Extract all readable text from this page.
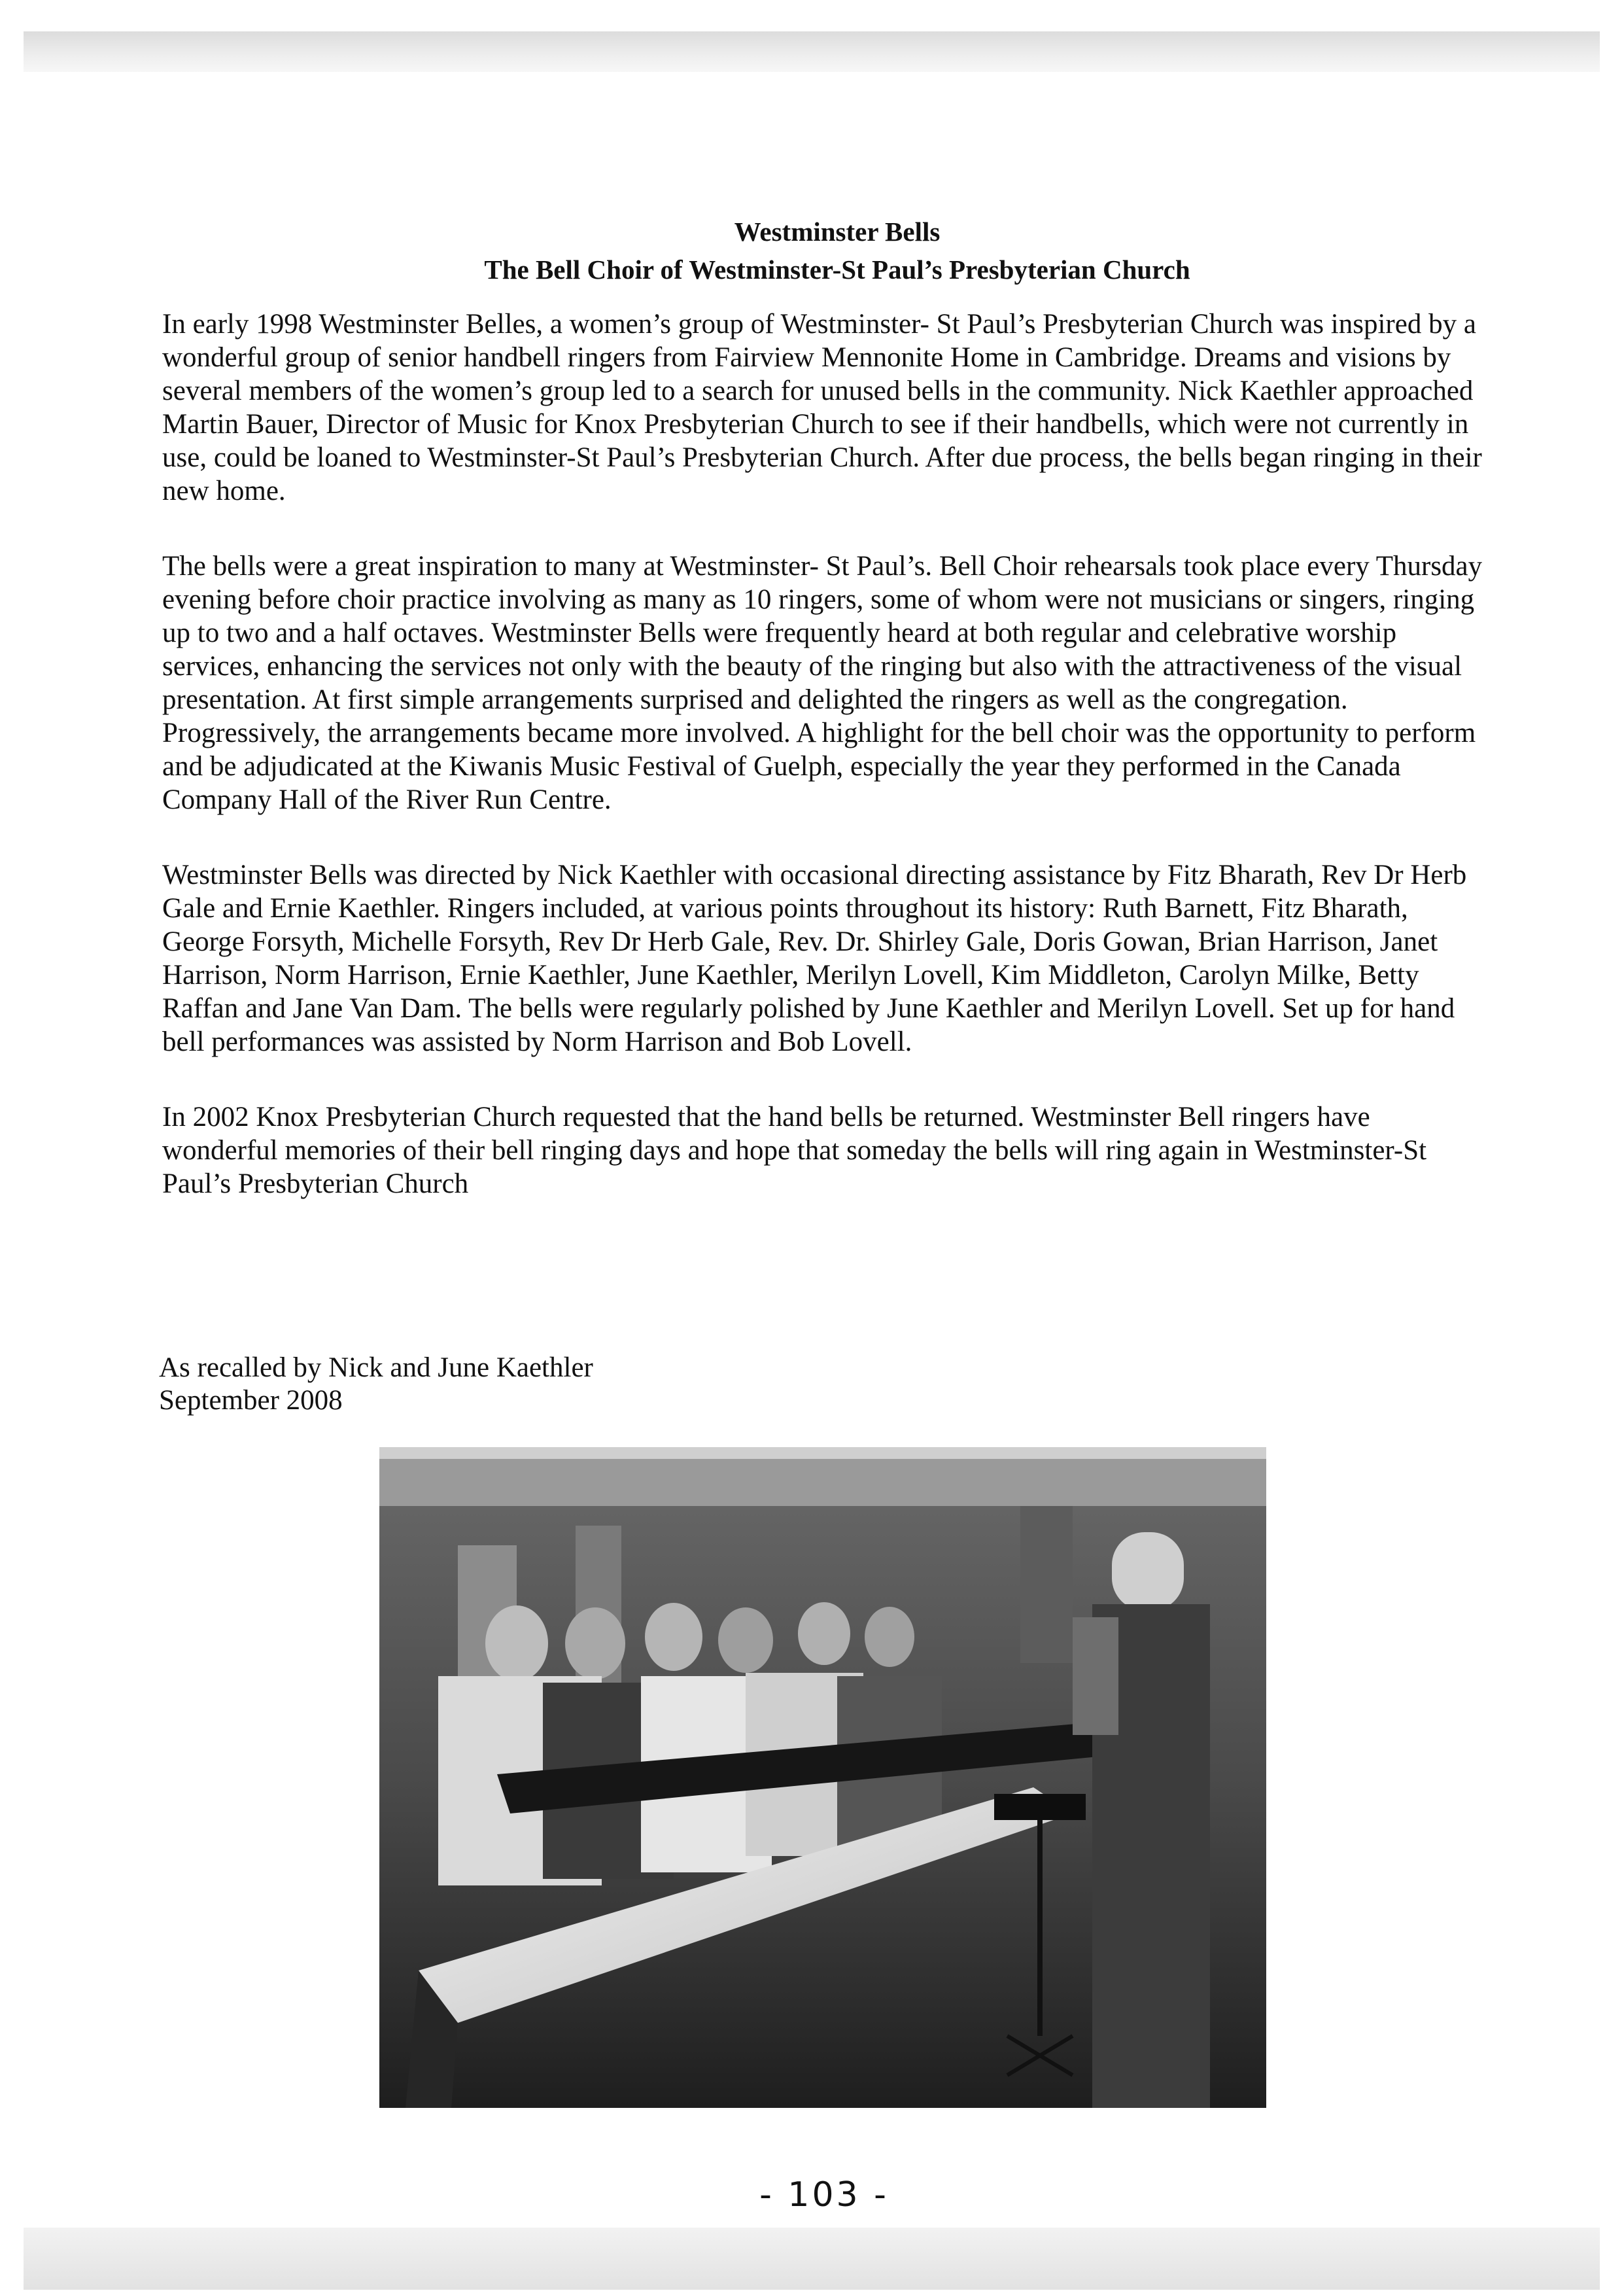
Westminster Bells
The Bell Choir of Westminster-St Paul’s Presbyterian Church

In early 1998 Westminster Belles, a women’s group of Westminster- St Paul’s Presbyterian Church was inspired by a wonderful group of senior handbell ringers from Fairview Mennonite Home in Cambridge. Dreams and visions by several members of the women’s group led to a search for unused bells in the community. Nick Kaethler approached Martin Bauer, Director of Music for Knox Presbyterian Church to see if their handbells, which were not currently in use, could be loaned to Westminster-St Paul’s Presbyterian Church. After due process, the bells began ringing in their new home.

The bells were a great inspiration to many at Westminster- St Paul’s. Bell Choir rehearsals took place every Thursday evening before choir practice involving as many as 10 ringers, some of whom were not musicians or singers, ringing up to two and a half octaves. Westminster Bells were frequently heard at both regular and celebrative worship services, enhancing the services not only with the beauty of the ringing but also with the attractiveness of the visual presentation. At first simple arrangements surprised and delighted the ringers as well as the congregation. Progressively, the arrangements became more involved. A highlight for the bell choir was the opportunity to perform and be adjudicated at the Kiwanis Music Festival of Guelph, especially the year they performed in the Canada Company Hall of the River Run Centre.

Westminster Bells was directed by Nick Kaethler with occasional directing assistance by Fitz Bharath, Rev Dr Herb Gale and Ernie Kaethler. Ringers included, at various points throughout its history: Ruth Barnett, Fitz Bharath, George Forsyth, Michelle Forsyth, Rev Dr Herb Gale, Rev. Dr. Shirley Gale, Doris Gowan, Brian Harrison, Janet Harrison, Norm Harrison, Ernie Kaethler, June Kaethler, Merilyn Lovell, Kim Middleton, Carolyn Milke, Betty Raffan and Jane Van Dam. The bells were regularly polished by June Kaethler and Merilyn Lovell. Set up for hand bell performances was assisted by Norm Harrison and Bob Lovell.

In 2002 Knox Presbyterian Church requested that the hand bells be returned. Westminster Bell ringers have wonderful memories of their bell ringing days and hope that someday the bells will ring again in Westminster-St Paul’s Presbyterian Church

As recalled by Nick and June Kaethler
September 2008
- 103 -
